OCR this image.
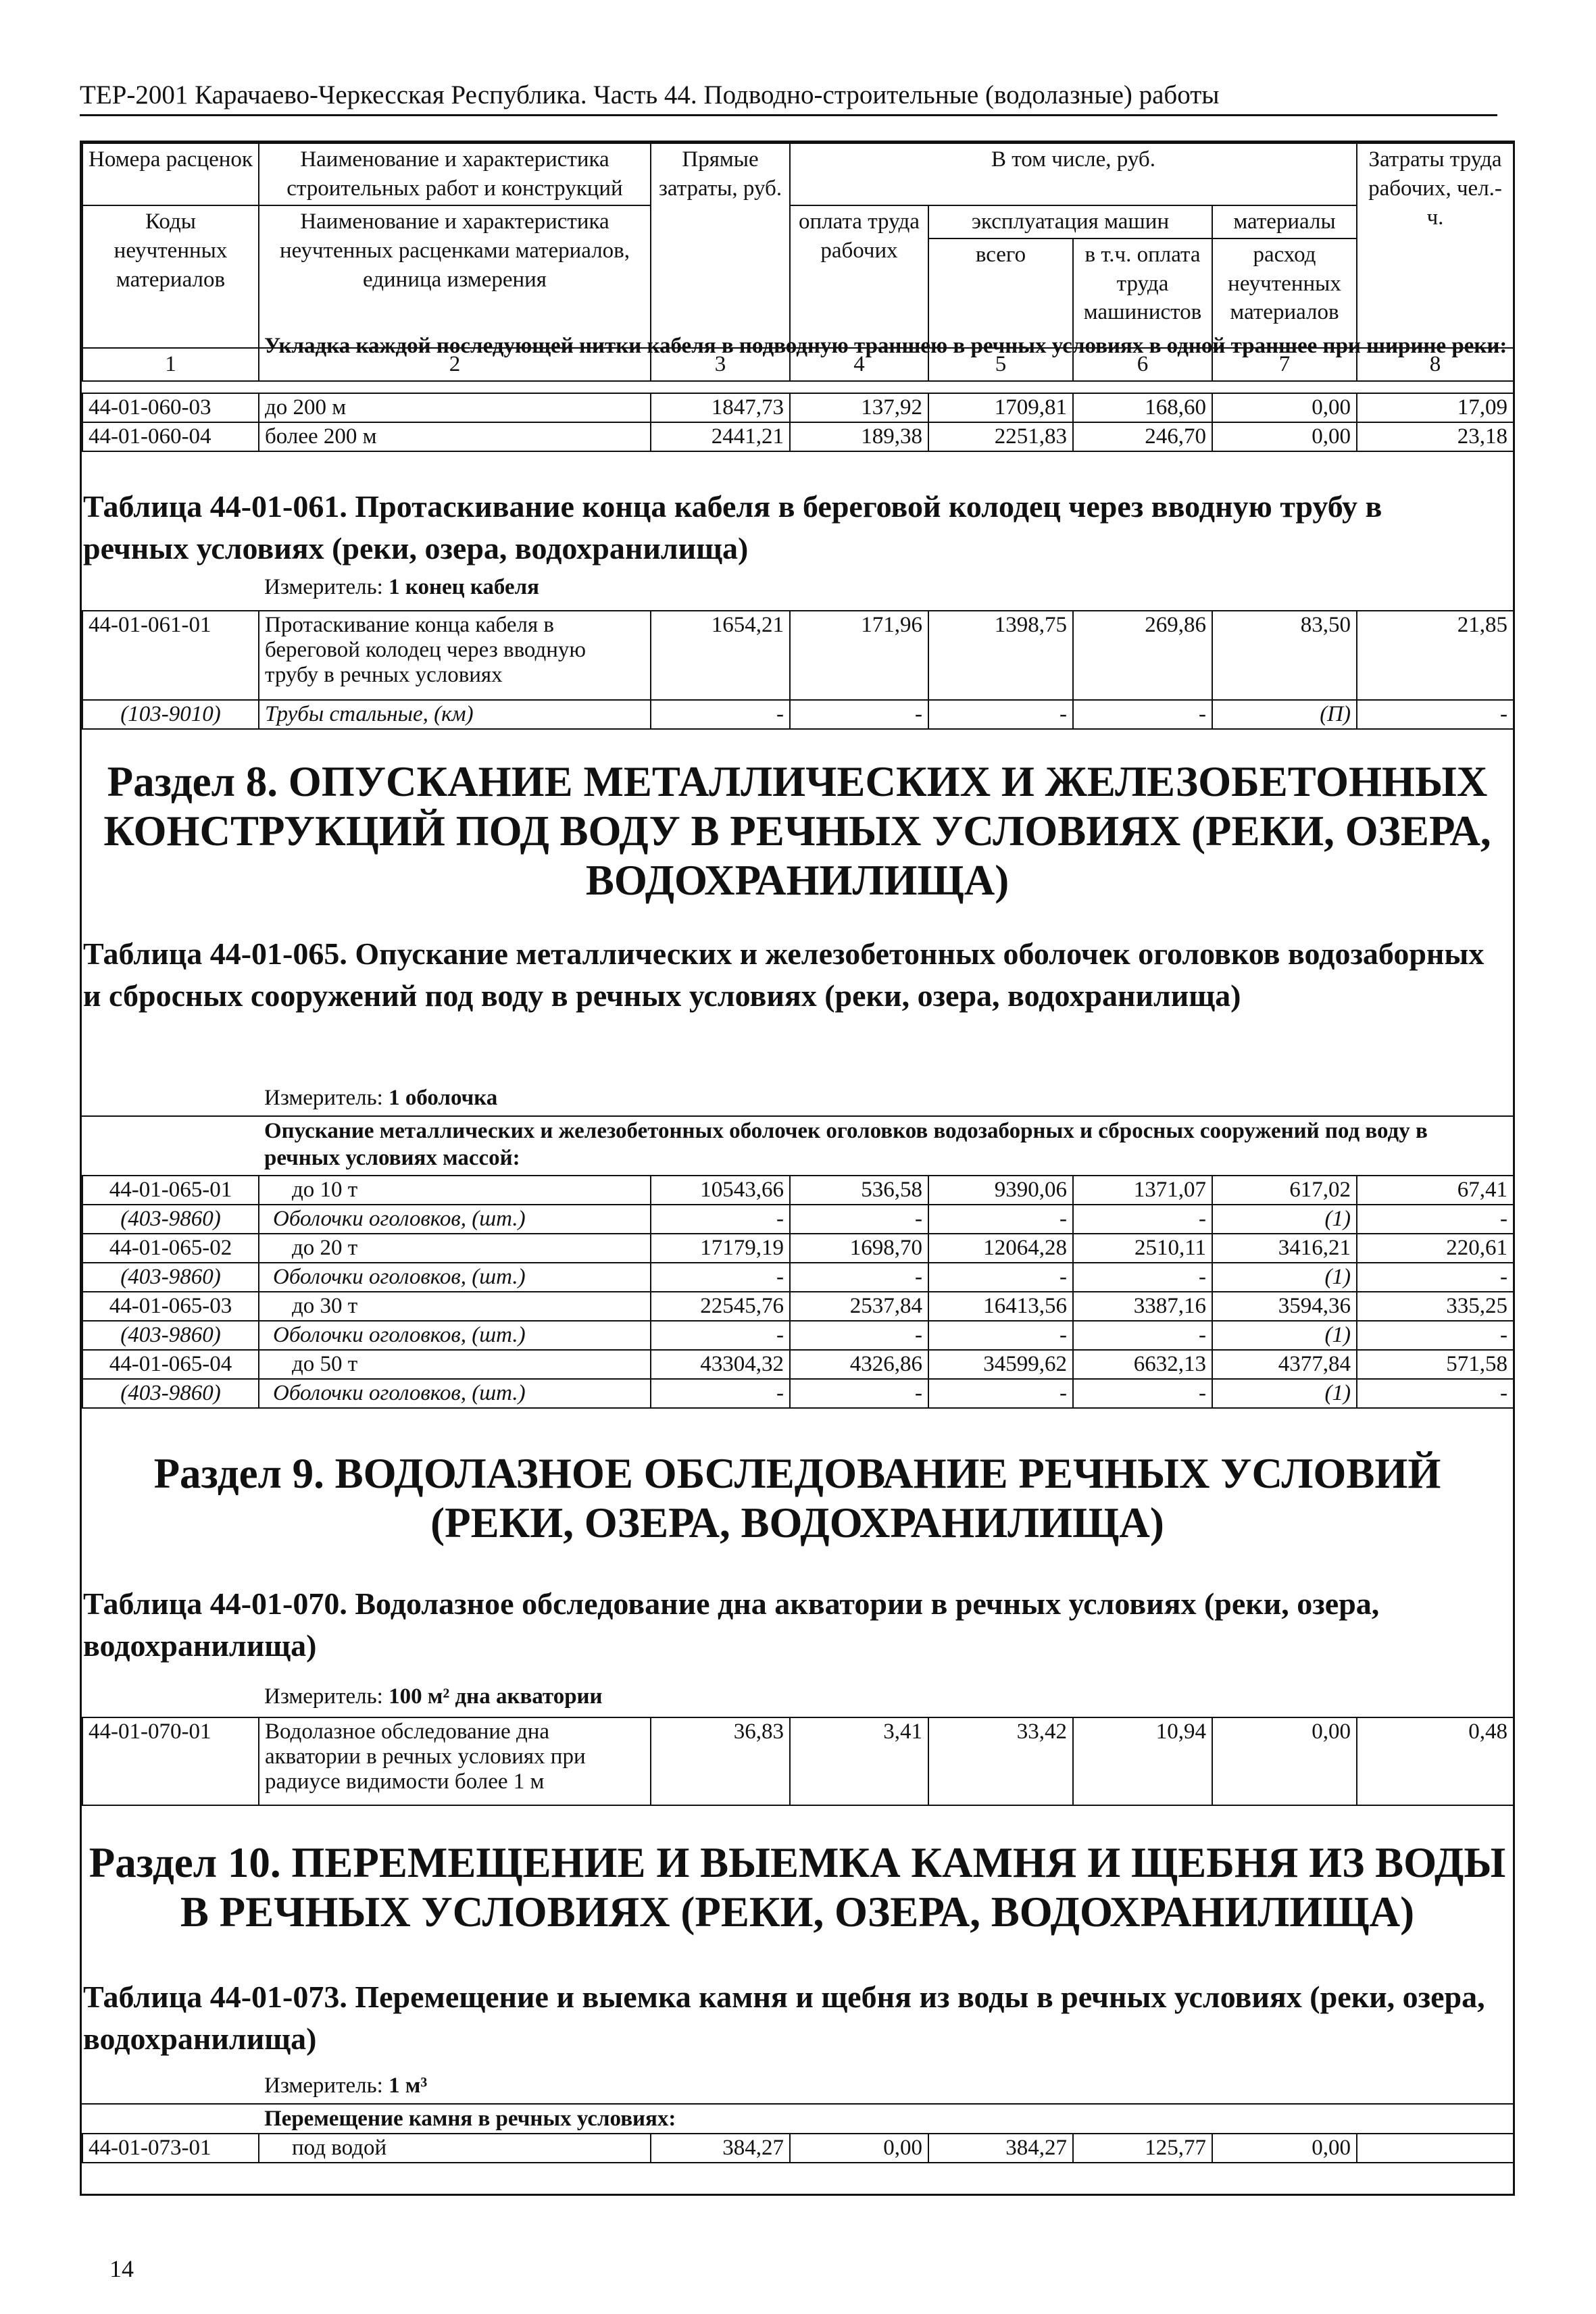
ТЕР-2001 Карачаево-Черкесская Республика. Часть 44. Подводно-строительные (водолазные) работы
Номера расценок	Наименование и характеристика строительных работ и конструкций	Прямые затраты, руб.	В том числе, руб.				Затраты труда рабочих, чел.-ч.
Коды неучтенных материалов	Наименование и характеристика неучтенных расценками материалов, единица измерения		оплата труда рабочих	эксплуатация машин		материалы	
				всего	в т.ч. оплата труда машинистов	расход неучтенных материалов	
1	2	3	4	5	6	7	8
Укладка каждой последующей нитки кабеля в подводную траншею в речных условиях в одной траншее при ширине реки:
44-01-060-03	до 200 м	1847,73	137,92	1709,81	168,60	0,00	17,09
44-01-060-04	более 200 м	2441,21	189,38	2251,83	246,70	0,00	23,18
Таблица 44-01-061. Протаскивание конца кабеля в береговой колодец через вводную трубу в речных условиях (реки, озера, водохранилища)
Измеритель: 1 конец кабеля
44-01-061-01	Протаскивание конца кабеля в береговой колодец через вводную трубу в речных условиях	1654,21	171,96	1398,75	269,86	83,50	21,85
(103-9010)	Трубы стальные, (км)	-	-	-	-	(П)	-
Раздел 8. ОПУСКАНИЕ МЕТАЛЛИЧЕСКИХ И ЖЕЛЕЗОБЕТОННЫХ КОНСТРУКЦИЙ ПОД ВОДУ В РЕЧНЫХ УСЛОВИЯХ (РЕКИ, ОЗЕРА, ВОДОХРАНИЛИЩА)
Таблица 44-01-065. Опускание металлических и железобетонных оболочек оголовков водозаборных и сбросных сооружений под воду в речных условиях (реки, озера, водохранилища)
Измеритель: 1 оболочка
Опускание металлических и железобетонных оболочек оголовков водозаборных и сбросных сооружений под воду в речных условиях массой:
44-01-065-01	до 10 т	10543,66	536,58	9390,06	1371,07	617,02	67,41
(403-9860)	Оболочки оголовков, (шт.)	-	-	-	-	(1)	-
44-01-065-02	до 20 т	17179,19	1698,70	12064,28	2510,11	3416,21	220,61
(403-9860)	Оболочки оголовков, (шт.)	-	-	-	-	(1)	-
44-01-065-03	до 30 т	22545,76	2537,84	16413,56	3387,16	3594,36	335,25
(403-9860)	Оболочки оголовков, (шт.)	-	-	-	-	(1)	-
44-01-065-04	до 50 т	43304,32	4326,86	34599,62	6632,13	4377,84	571,58
(403-9860)	Оболочки оголовков, (шт.)	-	-	-	-	(1)	-
Раздел 9. ВОДОЛАЗНОЕ ОБСЛЕДОВАНИЕ РЕЧНЫХ УСЛОВИЙ (РЕКИ, ОЗЕРА, ВОДОХРАНИЛИЩА)
Таблица 44-01-070. Водолазное обследование дна акватории в речных условиях (реки, озера, водохранилища)
Измеритель: 100 м² дна акватории
44-01-070-01	Водолазное обследование дна акватории в речных условиях при радиусе видимости более 1 м	36,83	3,41	33,42	10,94	0,00	0,48
Раздел 10. ПЕРЕМЕЩЕНИЕ И ВЫЕМКА КАМНЯ И ЩЕБНЯ ИЗ ВОДЫ В РЕЧНЫХ УСЛОВИЯХ (РЕКИ, ОЗЕРА, ВОДОХРАНИЛИЩА)
Таблица 44-01-073. Перемещение и выемка камня и щебня из воды в речных условиях (реки, озера, водохранилища)
Измеритель: 1 м³
Перемещение камня в речных условиях:
44-01-073-01	под водой	384,27	0,00	384,27	125,77	0,00	
14
